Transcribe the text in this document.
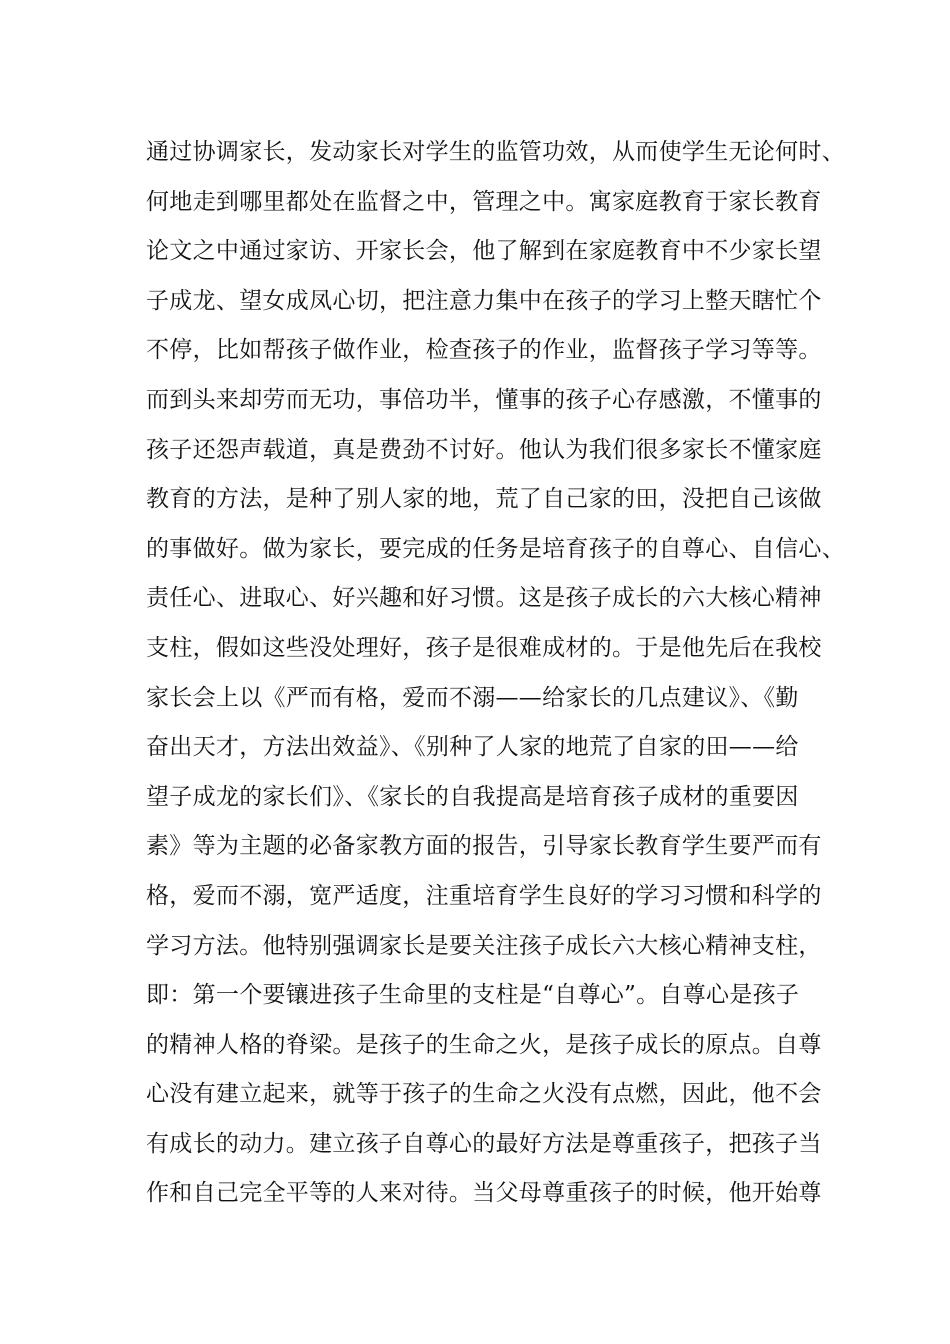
通过协调家长，发动家长对学生的监管功效，从而使学生无论何时、
何地走到哪里都处在监督之中，管理之中。寓家庭教育于家长教育
论文之中通过家访、开家长会，他了解到在家庭教育中不少家长望
子成龙、望女成凤心切，把注意力集中在孩子的学习上整天瞎忙个
不停，比如帮孩子做作业，检查孩子的作业，监督孩子学习等等。
而到头来却劳而无功，事倍功半，懂事的孩子心存感激，不懂事的
孩子还怨声载道，真是费劲不讨好。他认为我们很多家长不懂家庭
教育的方法，是种了别人家的地，荒了自己家的田，没把自己该做
的事做好。做为家长，要完成的任务是培育孩子的自尊心、自信心、
责任心、进取心、好兴趣和好习惯。这是孩子成长的六大核心精神
支柱，假如这些没处理好，孩子是很难成材的。于是他先后在我校
家长会上以《严而有格，爱而不溺——给家长的几点建议》、《勤
奋出天才，方法出效益》、《别种了人家的地荒了自家的田——给
望子成龙的家长们》、《家长的自我提高是培育孩子成材的重要因
素》等为主题的必备家教方面的报告，引导家长教育学生要严而有
格，爱而不溺，宽严适度，注重培育学生良好的学习习惯和科学的
学习方法。他特别强调家长是要关注孩子成长六大核心精神支柱，
即：第一个要镶进孩子生命里的支柱是“自尊心”。自尊心是孩子
的精神人格的脊梁。是孩子的生命之火，是孩子成长的原点。自尊
心没有建立起来，就等于孩子的生命之火没有点燃，因此，他不会
有成长的动力。建立孩子自尊心的最好方法是尊重孩子，把孩子当
作和自己完全平等的人来对待。当父母尊重孩子的时候，他开始尊
